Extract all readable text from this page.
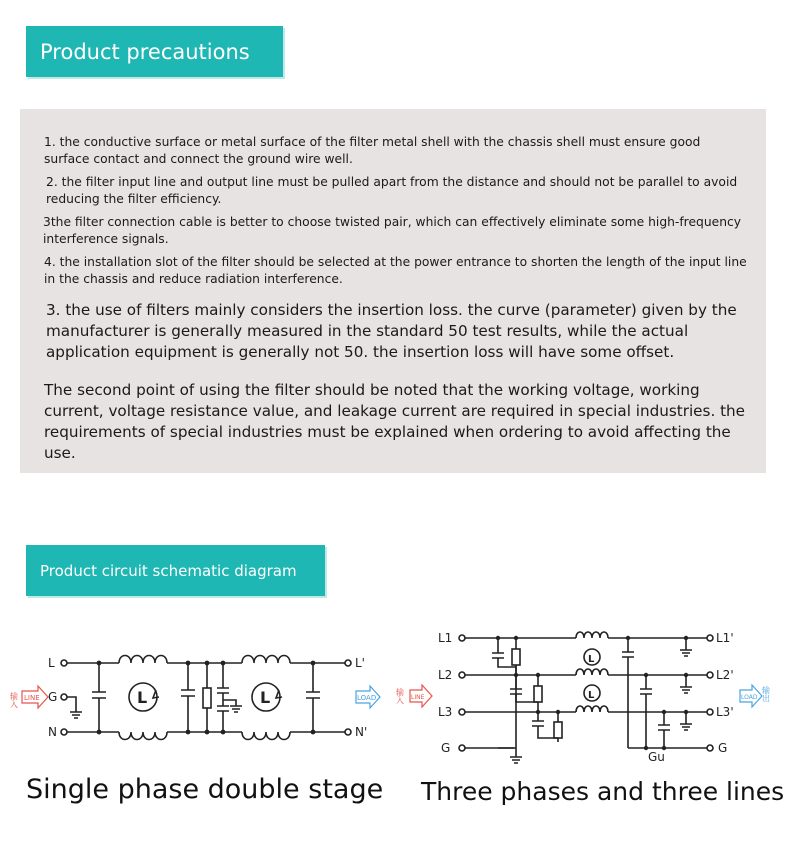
Product precautions

1. the conductive surface or metal surface of the filter metal shell with the chassis shell must ensure good surface contact and connect the ground wire well.

2. the filter input line and output line must be pulled apart from the distance and should not be parallel to avoid reducing the filter efficiency.

3the filter connection cable is better to choose twisted pair, which can effectively eliminate some high-frequency interference signals.

4. the installation slot of the filter should be selected at the power entrance to shorten the length of the input line in the chassis and reduce radiation interference.

3. the use of filters mainly considers the insertion loss. the curve (parameter) given by the manufacturer is generally measured in the standard 50 test results, while the actual application equipment is generally not 50. the insertion loss will have some offset.

The second point of using the filter should be noted that the working voltage, working current, voltage resistance value, and leakage current are required in special industries. the requirements of special industries must be explained when ordering to avoid affecting the use.

Product circuit schematic diagram
L
G
N
L'
N'
L	L
LINE
输入	LOAD
L1
L2
L3
G
L1'
L2'
L3'
G
Gu
L
L
LINE
输入	LOAD 输出
Single phase double stage Three phases and three lines
